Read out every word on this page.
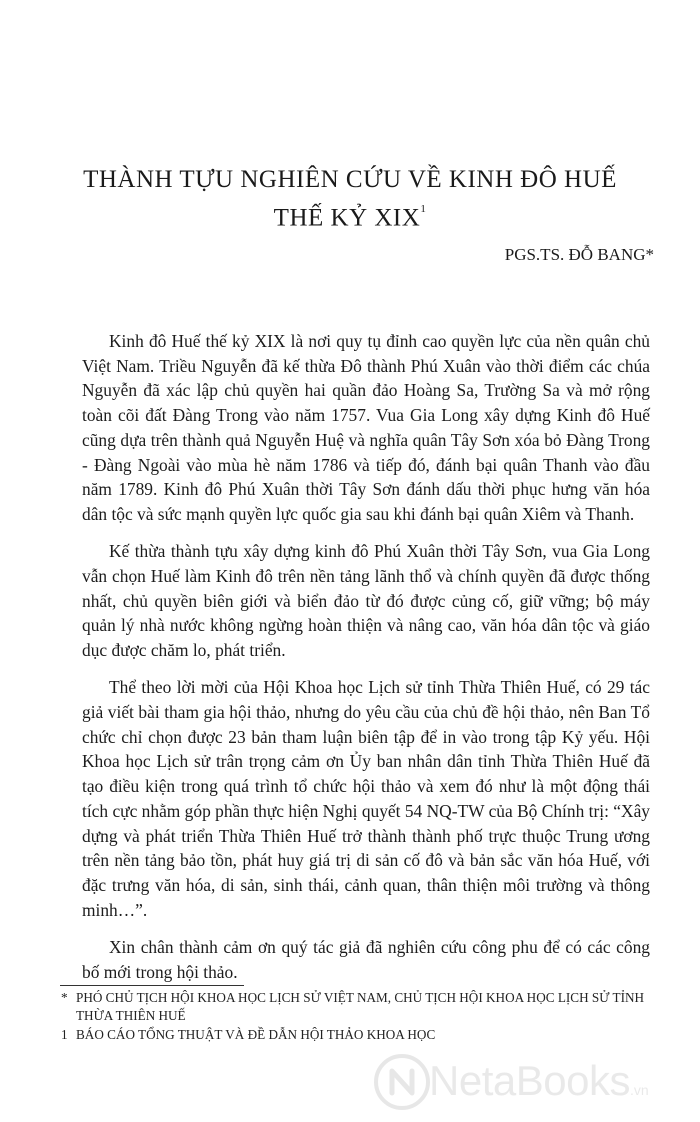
THÀNH TỰU NGHIÊN CỨU VỀ KINH ĐÔ HUẾ
THẾ KỶ XIX$^1$
PGS.TS. ĐỖ BANG*

Kinh đô Huế thế kỷ XIX là nơi quy tụ đỉnh cao quyền lực của nền quân chủ Việt Nam. Triều Nguyễn đã kế thừa Đô thành Phú Xuân vào thời điểm các chúa Nguyễn đã xác lập chủ quyền hai quần đảo Hoàng Sa, Trường Sa và mở rộng toàn cõi đất Đàng Trong vào năm 1757. Vua Gia Long xây dựng Kinh đô Huế cũng dựa trên thành quả Nguyễn Huệ và nghĩa quân Tây Sơn xóa bỏ Đàng Trong - Đàng Ngoài vào mùa hè năm 1786 và tiếp đó, đánh bại quân Thanh vào đầu năm 1789. Kinh đô Phú Xuân thời Tây Sơn đánh dấu thời phục hưng văn hóa dân tộc và sức mạnh quyền lực quốc gia sau khi đánh bại quân Xiêm và Thanh.

Kế thừa thành tựu xây dựng kinh đô Phú Xuân thời Tây Sơn, vua Gia Long vẫn chọn Huế làm Kinh đô trên nền tảng lãnh thổ và chính quyền đã được thống nhất, chủ quyền biên giới và biển đảo từ đó được củng cố, giữ vững; bộ máy quản lý nhà nước không ngừng hoàn thiện và nâng cao, văn hóa dân tộc và giáo dục được chăm lo, phát triển.

Thể theo lời mời của Hội Khoa học Lịch sử tỉnh Thừa Thiên Huế, có 29 tác giả viết bài tham gia hội thảo, nhưng do yêu cầu của chủ đề hội thảo, nên Ban Tổ chức chỉ chọn được 23 bản tham luận biên tập để in vào trong tập Kỷ yếu. Hội Khoa học Lịch sử trân trọng cảm ơn Ủy ban nhân dân tỉnh Thừa Thiên Huế đã tạo điều kiện trong quá trình tổ chức hội thảo và xem đó như là một động thái tích cực nhằm góp phần thực hiện Nghị quyết 54 NQ-TW của Bộ Chính trị: “Xây dựng và phát triển Thừa Thiên Huế trở thành thành phố trực thuộc Trung ương trên nền tảng bảo tồn, phát huy giá trị di sản cố đô và bản sắc văn hóa Huế, với đặc trưng văn hóa, di sản, sinh thái, cảnh quan, thân thiện môi trường và thông minh…”.

Xin chân thành cảm ơn quý tác giả đã nghiên cứu công phu để có các công bố mới trong hội thảo.

* PHÓ CHỦ TỊCH HỘI KHOA HỌC LỊCH SỬ VIỆT NAM, CHỦ TỊCH HỘI KHOA HỌC LỊCH SỬ TỈNH THỪA THIÊN HUẾ
1 BÁO CÁO TỔNG THUẬT VÀ ĐỀ DẪN HỘI THẢO KHOA HỌC
NetaBooks.vn
